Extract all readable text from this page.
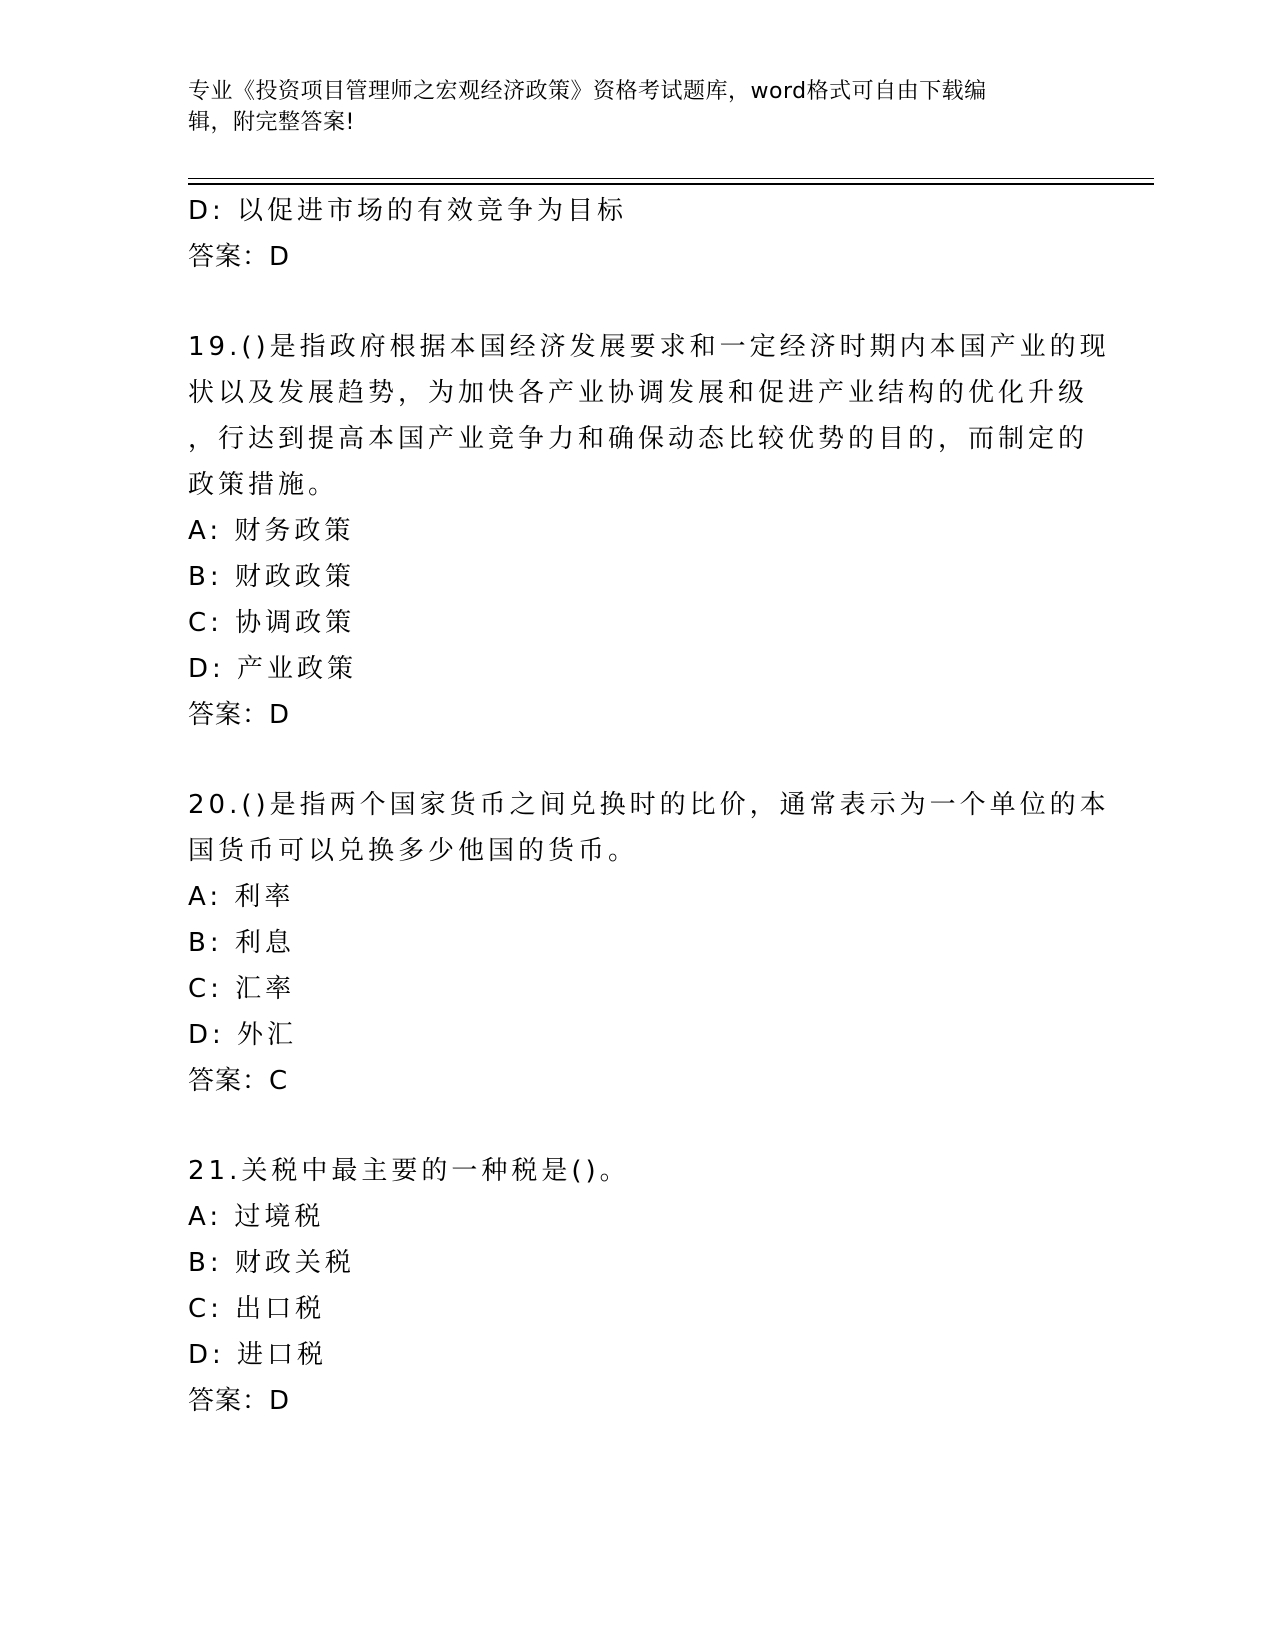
专业《投资项目管理师之宏观经济政策》资格考试题库，word格式可自由下载编
辑，附完整答案!
D: 以促进市场的有效竞争为目标
答案：D
19.()是指政府根据本国经济发展要求和一定经济时期内本国产业的现
状以及发展趋势，为加快各产业协调发展和促进产业结构的优化升级
，行达到提高本国产业竞争力和确保动态比较优势的目的，而制定的
政策措施。
A: 财务政策
B: 财政政策
C: 协调政策
D: 产业政策
答案：D
20.()是指两个国家货币之间兑换时的比价，通常表示为一个单位的本
国货币可以兑换多少他国的货币。
A: 利率
B: 利息
C: 汇率
D: 外汇
答案：C
21.关税中最主要的一种税是()。
A: 过境税
B: 财政关税
C: 出口税
D: 进口税
答案：D
